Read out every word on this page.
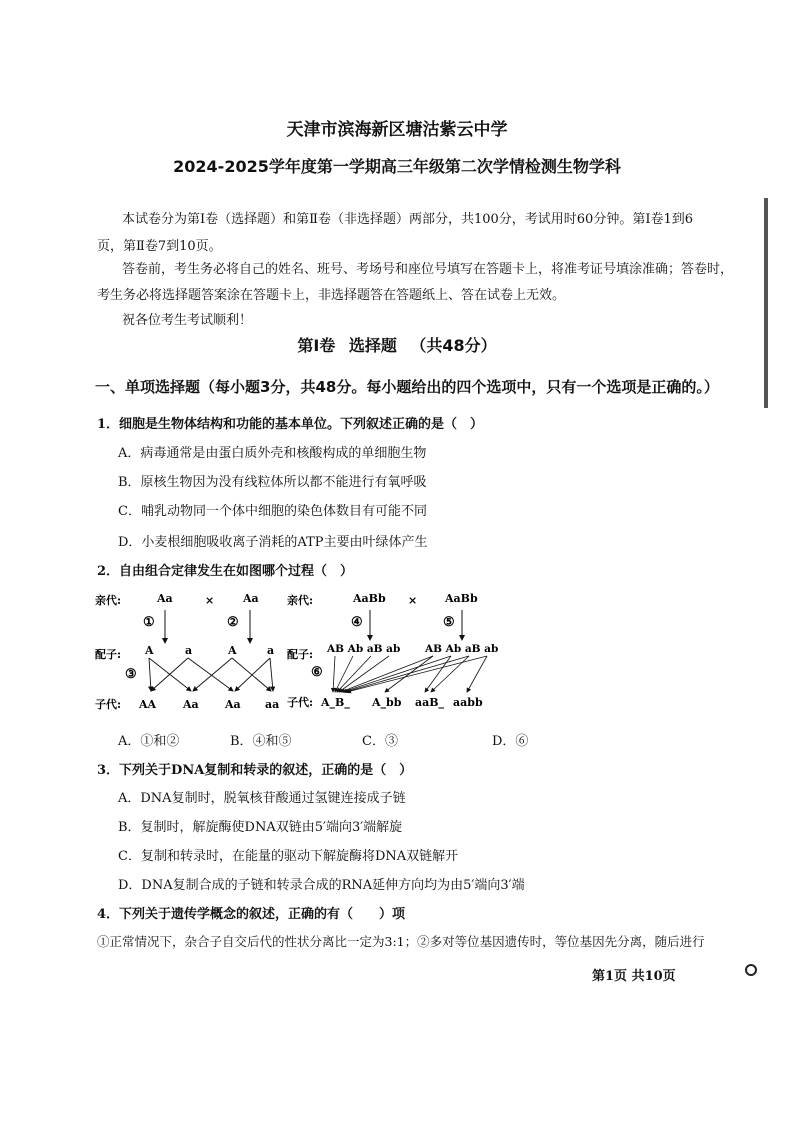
天津市滨海新区塘沽紫云中学
2024-2025学年度第一学期高三年级第二次学情检测生物学科
本试卷分为第Ⅰ卷（选择题）和第Ⅱ卷（非选择题）两部分，共100分，考试用时60分钟。第Ⅰ卷1到6
页，第Ⅱ卷7到10页。
答卷前，考生务必将自己的姓名、班号、考场号和座位号填写在答题卡上，将准考证号填涂准确；答卷时，
考生务必将选择题答案涂在答题卡上，非选择题答在答题纸上、答在试卷上无效。
祝各位考生考试顺利！
第Ⅰ卷 选择题 （共48分）
一、单项选择题（每小题3分，共48分。每小题给出的四个选项中，只有一个选项是正确的。）
1．细胞是生物体结构和功能的基本单位。下列叙述正确的是（　）
A．病毒通常是由蛋白质外壳和核酸构成的单细胞生物
B．原核生物因为没有线粒体所以都不能进行有氧呼吸
C．哺乳动物同一个体中细胞的染色体数目有可能不同
D．小麦根细胞吸收离子消耗的ATP主要由叶绿体产生
2．自由组合定律发生在如图哪个过程（　）
亲代:	Aa	×	Aa
①	②
配子: A	a	A	a
③
子代: AA Aa Aa aa
亲代:	AaBb ×	AaBb
④	⑤
配子: AB Ab aB ab AB Ab aB ab
⑥
子代: A_B_ A_bb aaB_ aabb
A．①和②	B．④和⑤	C．③	D．⑥
3．下列关于DNA复制和转录的叙述，正确的是（　）
A．DNA复制时，脱氧核苷酸通过氢键连接成子链
B．复制时，解旋酶使DNA双链由5′端向3′端解旋
C．复制和转录时，在能量的驱动下解旋酶将DNA双链解开
D．DNA复制合成的子链和转录合成的RNA延伸方向均为由5′端向3′端
4．下列关于遗传学概念的叙述，正确的有（　　）项
①正常情况下，杂合子自交后代的性状分离比一定为3:1；②多对等位基因遗传时，等位基因先分离，随后进行
第1页 共10页
